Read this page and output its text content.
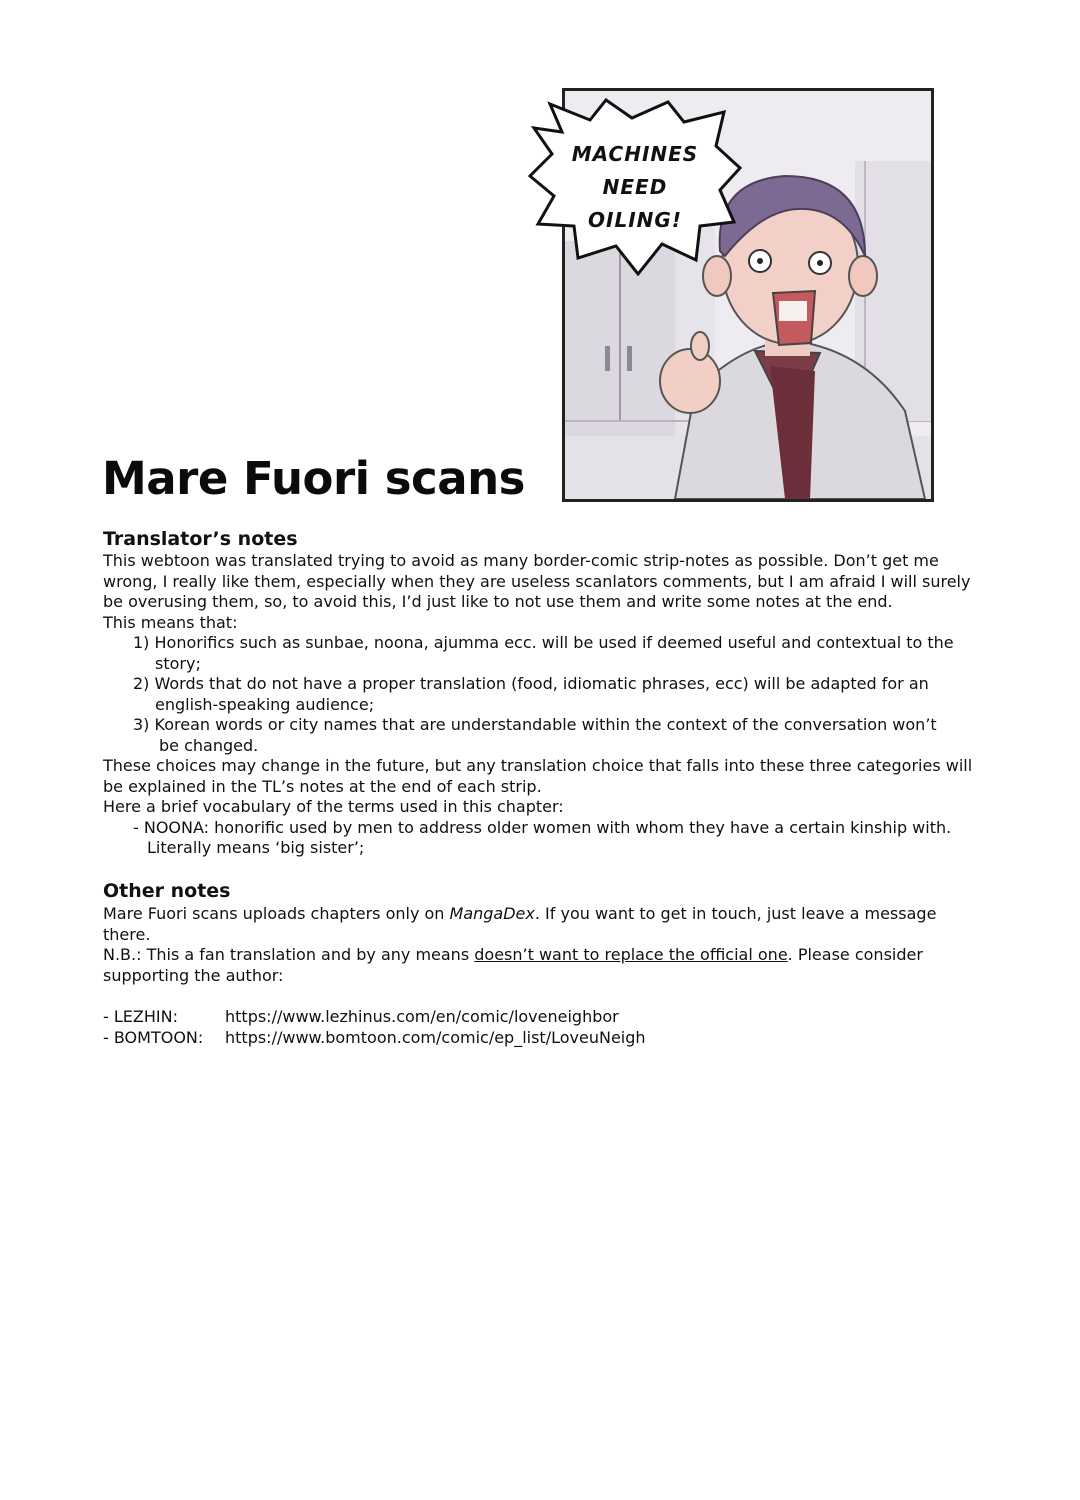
MACHINES
NEED
OILING!
Mare Fuori scans
Translator’s notes

This webtoon was translated trying to avoid as many border-comic strip-notes as possible. Don’t get me wrong, I really like them, especially when they are useless scanlators comments, but I am afraid I will surely be overusing them, so, to avoid this, I’d just like to not use them and write some notes at the end.

This means that:

1) Honorifics such as sunbae, noona, ajumma ecc. will be used if deemed useful and contextual to the
story;

2) Words that do not have a proper translation (food, idiomatic phrases, ecc) will be adapted for an
english-speaking audience;

3) Korean words or city names that are understandable within the context of the conversation won’t
be changed.

These choices may change in the future, but any translation choice that falls into these three categories will be explained in the TL’s notes at the end of each strip.

Here a brief vocabulary of the terms used in this chapter:

- NOONA: honorific used by men to address older women with whom they have a certain kinship with.
Literally means ‘big sister’;

Other notes

Mare Fuori scans uploads chapters only on MangaDex. If you want to get in touch, just leave a message there.

N.B.: This a fan translation and by any means doesn’t want to replace the official one. Please consider supporting the author:

- LEZHIN:	https://www.lezhinus.com/en/comic/loveneighbor
- BOMTOON:	https://www.bomtoon.com/comic/ep_list/LoveuNeigh
